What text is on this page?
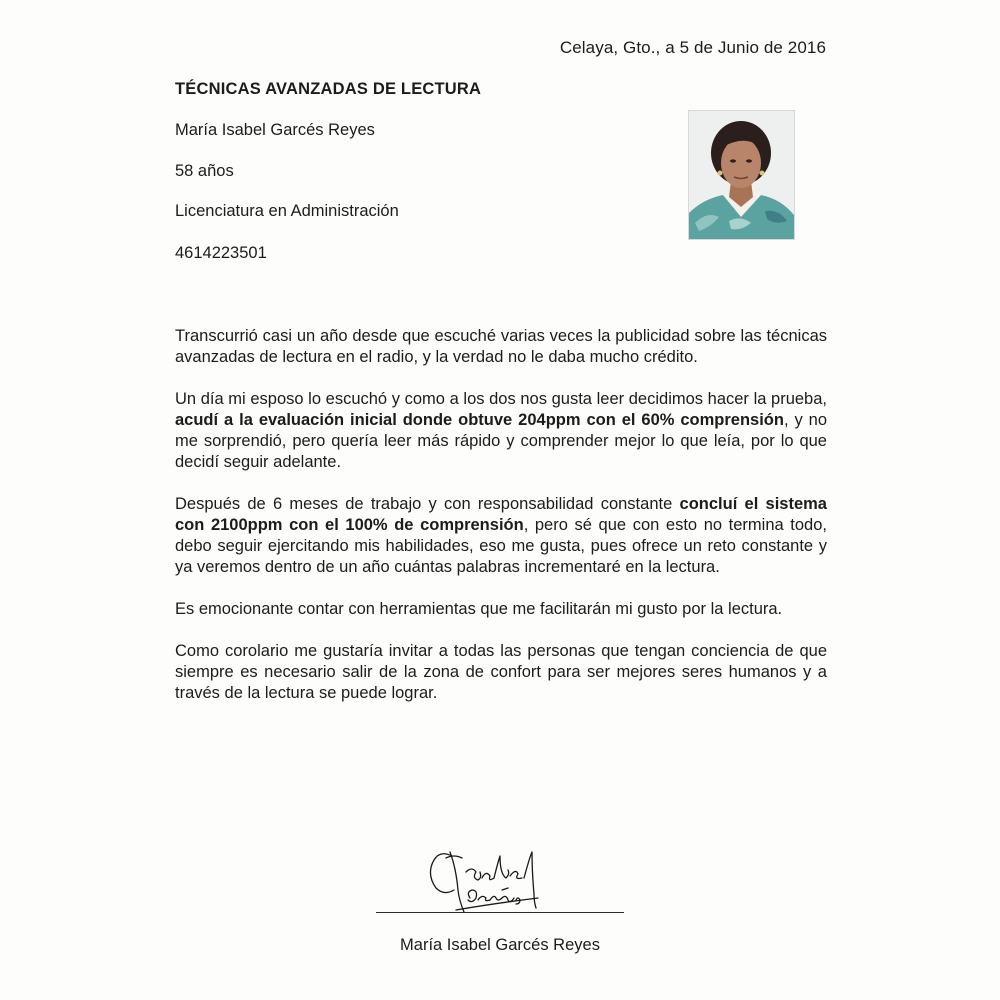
Celaya, Gto., a 5 de Junio de 2016
TÉCNICAS AVANZADAS DE LECTURA
María Isabel Garcés Reyes
58 años
Licenciatura en Administración
4614223501

Transcurrió casi un año desde que escuché varias veces la publicidad sobre las técnicas avanzadas de lectura en el radio, y la verdad no le daba mucho crédito.

Un día mi esposo lo escuchó y como a los dos nos gusta leer decidimos hacer la prueba, acudí a la evaluación inicial donde obtuve 204ppm con el 60% comprensión, y no me sorprendió, pero quería leer más rápido y comprender mejor lo que leía, por lo que decidí seguir adelante.

Después de 6 meses de trabajo y con responsabilidad constante concluí el sistema con 2100ppm con el 100% de comprensión, pero sé que con esto no termina todo, debo seguir ejercitando mis habilidades, eso me gusta, pues ofrece un reto constante y ya veremos dentro de un año cuántas palabras incrementaré en la lectura.

Es emocionante contar con herramientas que me facilitarán mi gusto por la lectura.

Como corolario me gustaría invitar a todas las personas que tengan conciencia de que siempre es necesario salir de la zona de confort para ser mejores seres humanos y a través de la lectura se puede lograr.

María Isabel Garcés Reyes
